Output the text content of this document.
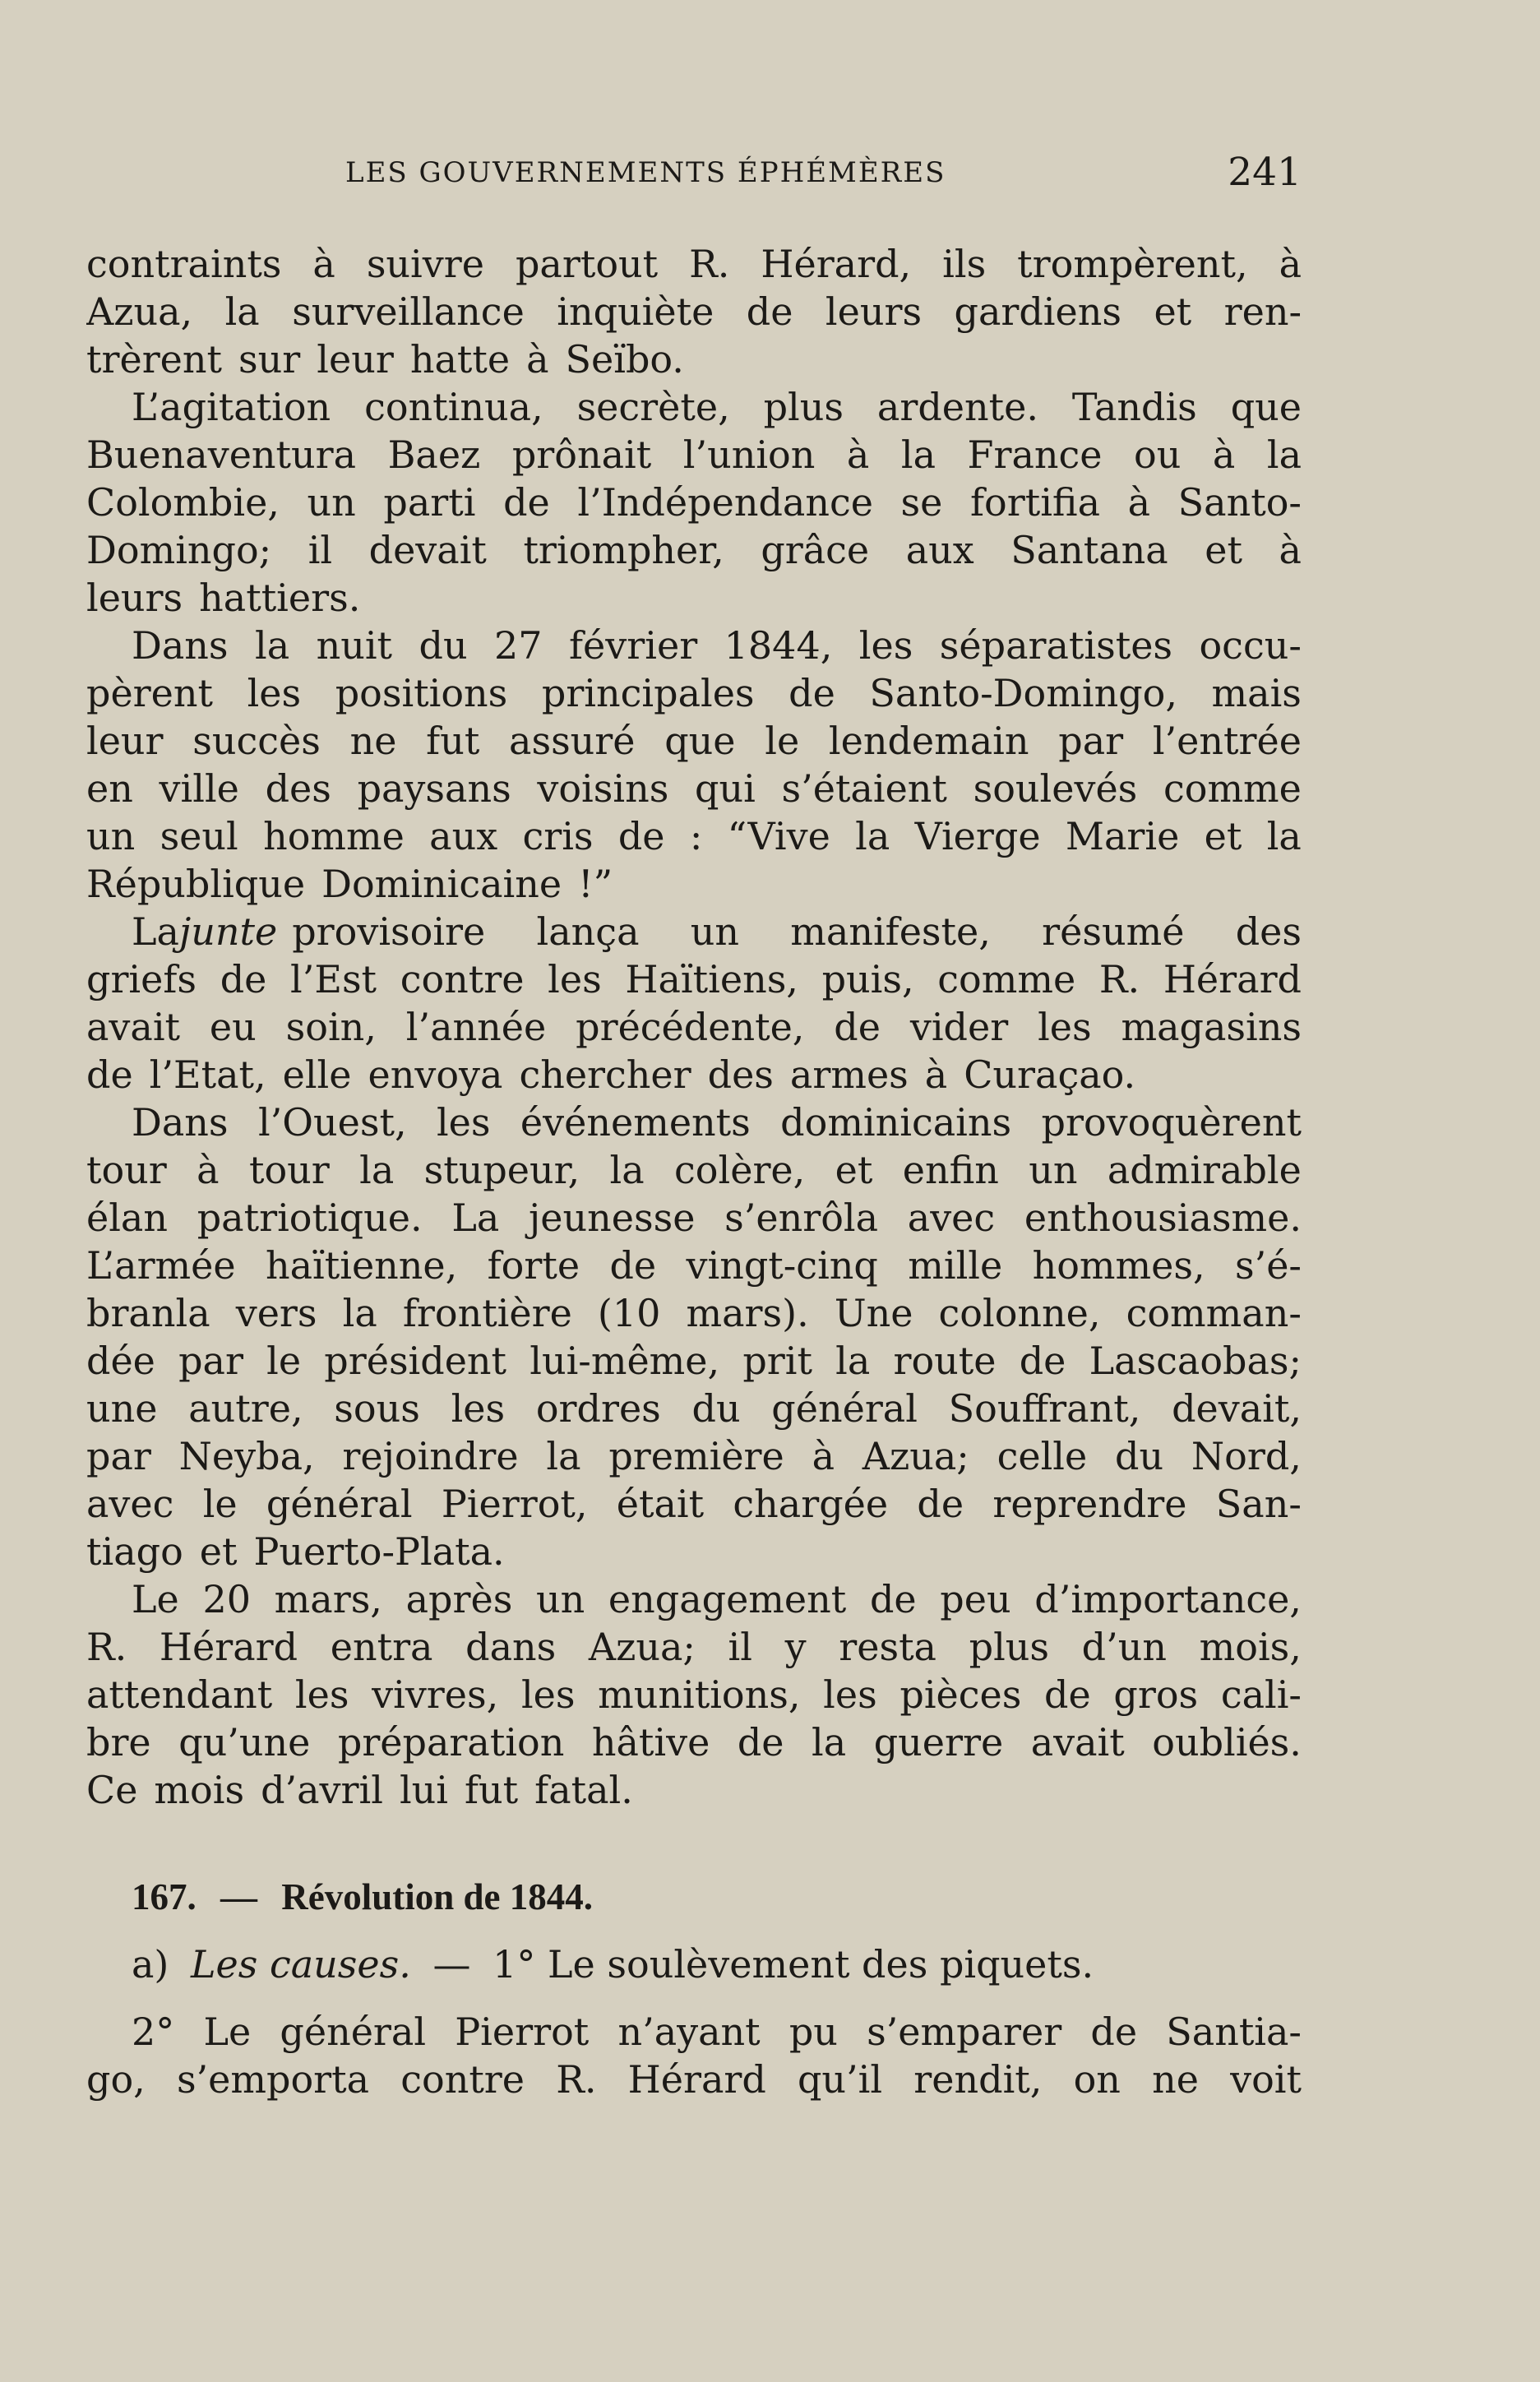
LES GOUVERNEMENTS ÉPHÉMÈRES	241
contraints à suivre partout R. Hérard, ils trompèrent, à
Azua, la surveillance inquiète de leurs gardiens et ren-
trèrent sur leur hatte à Seïbo.
L’agitation continua, secrète, plus ardente. Tandis que
Buenaventura Baez prônait l’union à la France ou à la
Colombie, un parti de l’Indépendance se fortifia à Santo-
Domingo; il devait triompher, grâce aux Santana et à
leurs hattiers.
Dans la nuit du 27 février 1844, les séparatistes occu-
pèrent les positions principales de Santo-Domingo, mais
leur succès ne fut assuré que le lendemain par l’entrée
en ville des paysans voisins qui s’étaient soulevés comme
un seul homme aux cris de : “Vive la Vierge Marie et la
République Dominicaine !”
La junte provisoire lança un manifeste, résumé des
griefs de l’Est contre les Haïtiens, puis, comme R. Hérard
avait eu soin, l’année précédente, de vider les magasins
de l’Etat, elle envoya chercher des armes à Curaçao.
Dans l’Ouest, les événements dominicains provoquèrent
tour à tour la stupeur, la colère, et enfin un admirable
élan patriotique. La jeunesse s’enrôla avec enthousiasme.
L’armée haïtienne, forte de vingt-cinq mille hommes, s’é-
branla vers la frontière (10 mars). Une colonne, comman-
dée par le président lui-même, prit la route de Lascaobas;
une autre, sous les ordres du général Souffrant, devait,
par Neyba, rejoindre la première à Azua; celle du Nord,
avec le général Pierrot, était chargée de reprendre San-
tiago et Puerto-Plata.
Le 20 mars, après un engagement de peu d’importance,
R. Hérard entra dans Azua; il y resta plus d’un mois,
attendant les vivres, les munitions, les pièces de gros cali-
bre qu’une préparation hâtive de la guerre avait oubliés.
Ce mois d’avril lui fut fatal.
167. — Révolution de 1844.
a) Les causes. — 1° Le soulèvement des piquets.
2° Le général Pierrot n’ayant pu s’emparer de Santia-
go, s’emporta contre R. Hérard qu’il rendit, on ne voit
